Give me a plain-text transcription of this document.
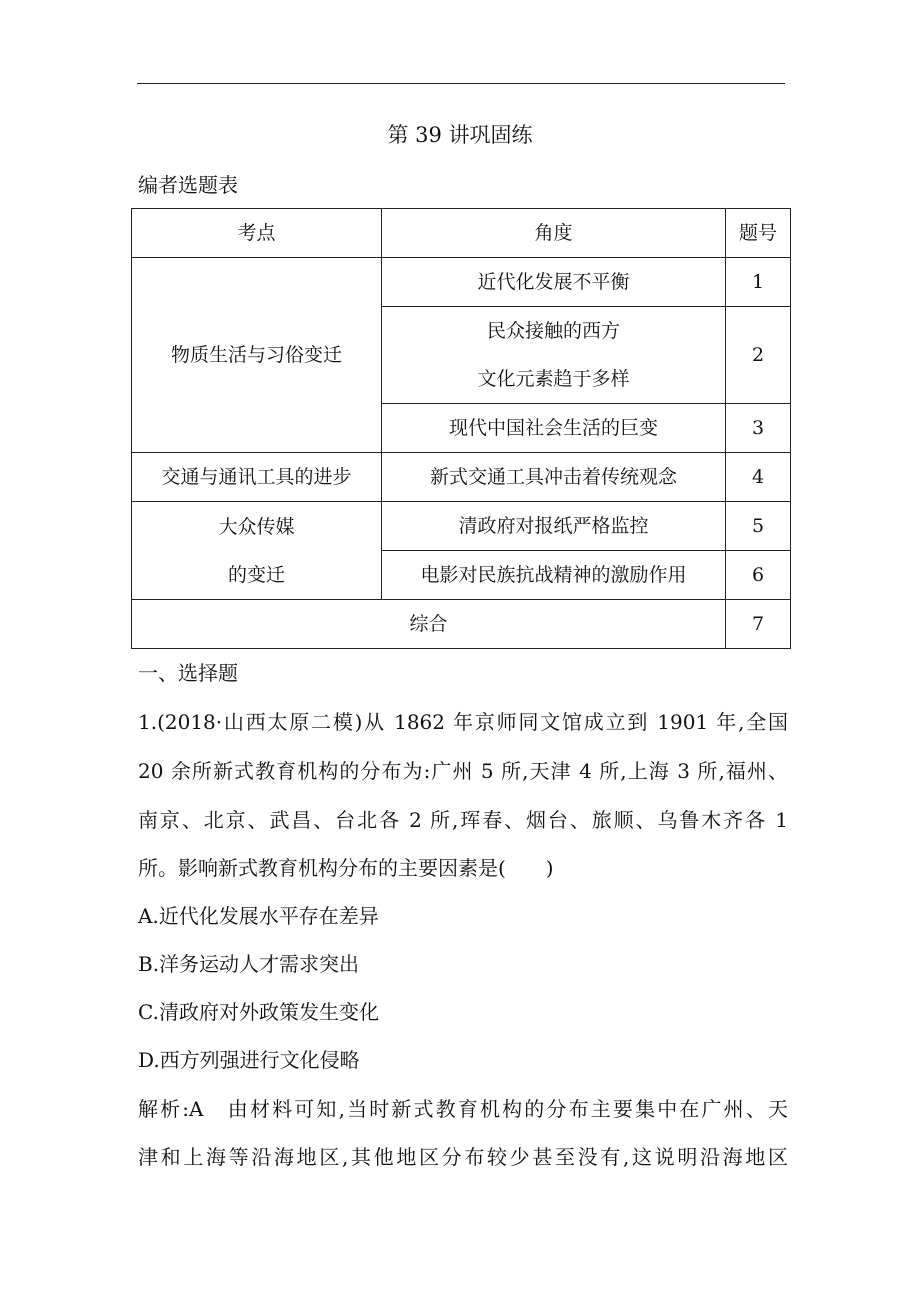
第 39 讲巩固练
编者选题表
考点	角度	题号
物质生活与习俗变迁	近代化发展不平衡	1

	民众接触的西方
文化元素趋于多样	2

	现代中国社会生活的巨变	3
交通与通讯工具的进步	新式交通工具冲击着传统观念	4

大众传媒
的变迁	清政府对报纸严格监控	5
	电影对民族抗战精神的激励作用	6
综合		7
一、选择题
1.(2018·山西太原二模)从 1862 年京师同文馆成立到 1901 年,全国
20 余所新式教育机构的分布为:广州 5 所,天津 4 所,上海 3 所,福州、
南京、北京、武昌、台北各 2 所,珲春、烟台、旅顺、乌鲁木齐各 1
所。影响新式教育机构分布的主要因素是(　　)
A.近代化发展水平存在差异
B.洋务运动人才需求突出
C.清政府对外政策发生变化
D.西方列强进行文化侵略
解析:A　由材料可知,当时新式教育机构的分布主要集中在广州、天
津和上海等沿海地区,其他地区分布较少甚至没有,这说明沿海地区
